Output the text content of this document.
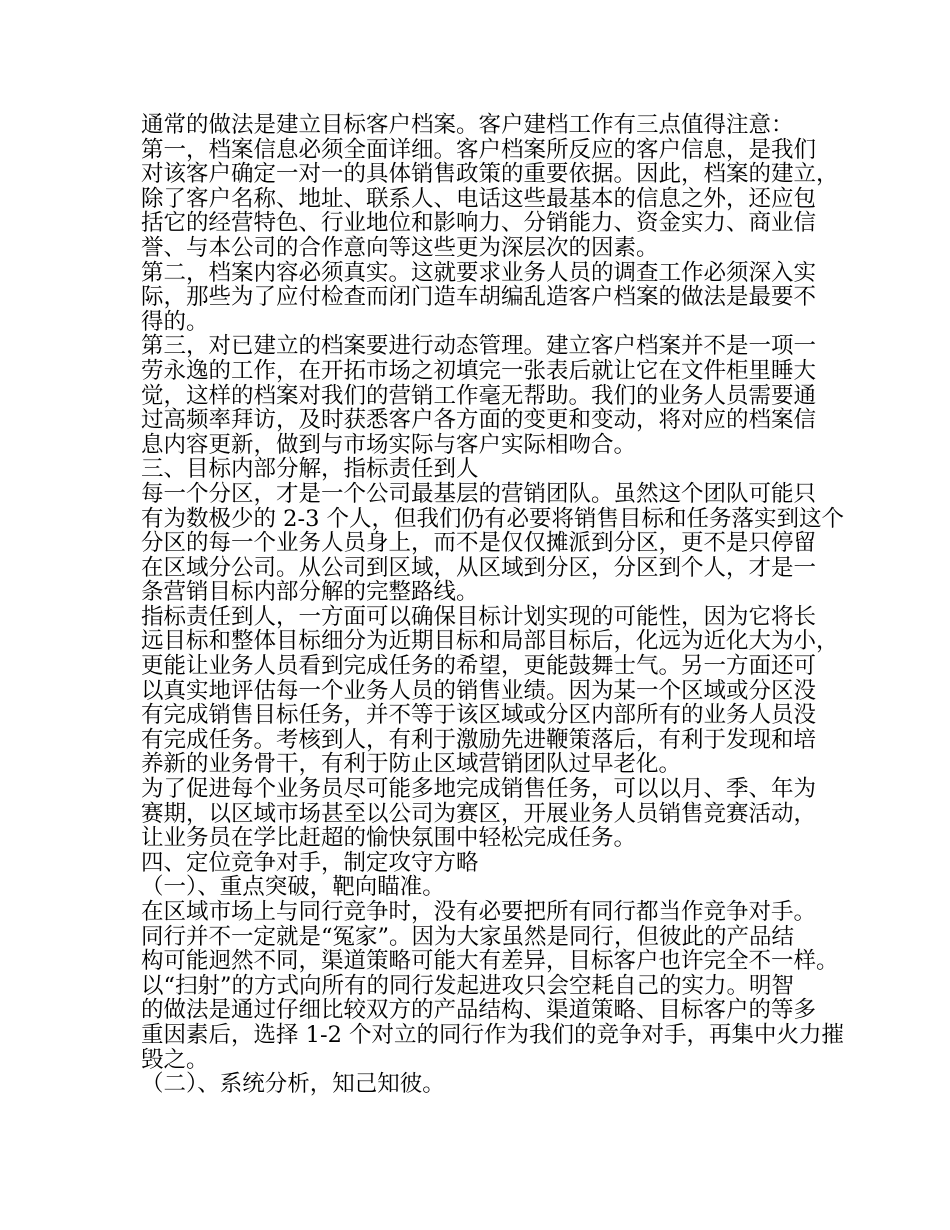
通常的做法是建立目标客户档案。客户建档工作有三点值得注意：

第一，档案信息必须全面详细。客户档案所反应的客户信息，是我们

对该客户确定一对一的具体销售政策的重要依据。因此，档案的建立，

除了客户名称、地址、联系人、电话这些最基本的信息之外，还应包

括它的经营特色、行业地位和影响力、分销能力、资金实力、商业信

誉、与本公司的合作意向等这些更为深层次的因素。

第二，档案内容必须真实。这就要求业务人员的调查工作必须深入实

际，那些为了应付检查而闭门造车胡编乱造客户档案的做法是最要不

得的。

第三，对已建立的档案要进行动态管理。建立客户档案并不是一项一

劳永逸的工作，在开拓市场之初填完一张表后就让它在文件柜里睡大

觉，这样的档案对我们的营销工作毫无帮助。我们的业务人员需要通

过高频率拜访，及时获悉客户各方面的变更和变动，将对应的档案信

息内容更新，做到与市场实际与客户实际相吻合。

三、目标内部分解，指标责任到人

每一个分区，才是一个公司最基层的营销团队。虽然这个团队可能只

有为数极少的 2-3 个人，但我们仍有必要将销售目标和任务落实到这个

分区的每一个业务人员身上，而不是仅仅摊派到分区，更不是只停留

在区域分公司。从公司到区域，从区域到分区，分区到个人，才是一

条营销目标内部分解的完整路线。

指标责任到人，一方面可以确保目标计划实现的可能性，因为它将长

远目标和整体目标细分为近期目标和局部目标后，化远为近化大为小，

更能让业务人员看到完成任务的希望，更能鼓舞士气。另一方面还可

以真实地评估每一个业务人员的销售业绩。因为某一个区域或分区没

有完成销售目标任务，并不等于该区域或分区内部所有的业务人员没

有完成任务。考核到人，有利于激励先进鞭策落后，有利于发现和培

养新的业务骨干，有利于防止区域营销团队过早老化。

为了促进每个业务员尽可能多地完成销售任务，可以以月、季、年为

赛期，以区域市场甚至以公司为赛区，开展业务人员销售竞赛活动，

让业务员在学比赶超的愉快氛围中轻松完成任务。

四、定位竞争对手，制定攻守方略

（一）、重点突破，靶向瞄准。

在区域市场上与同行竞争时，没有必要把所有同行都当作竞争对手。

同行并不一定就是“冤家”。因为大家虽然是同行，但彼此的产品结

构可能迥然不同，渠道策略可能大有差异，目标客户也许完全不一样。

以“扫射”的方式向所有的同行发起进攻只会空耗自己的实力。明智

的做法是通过仔细比较双方的产品结构、渠道策略、目标客户的等多

重因素后，选择 1-2 个对立的同行作为我们的竞争对手，再集中火力摧

毁之。

（二）、系统分析，知己知彼。
